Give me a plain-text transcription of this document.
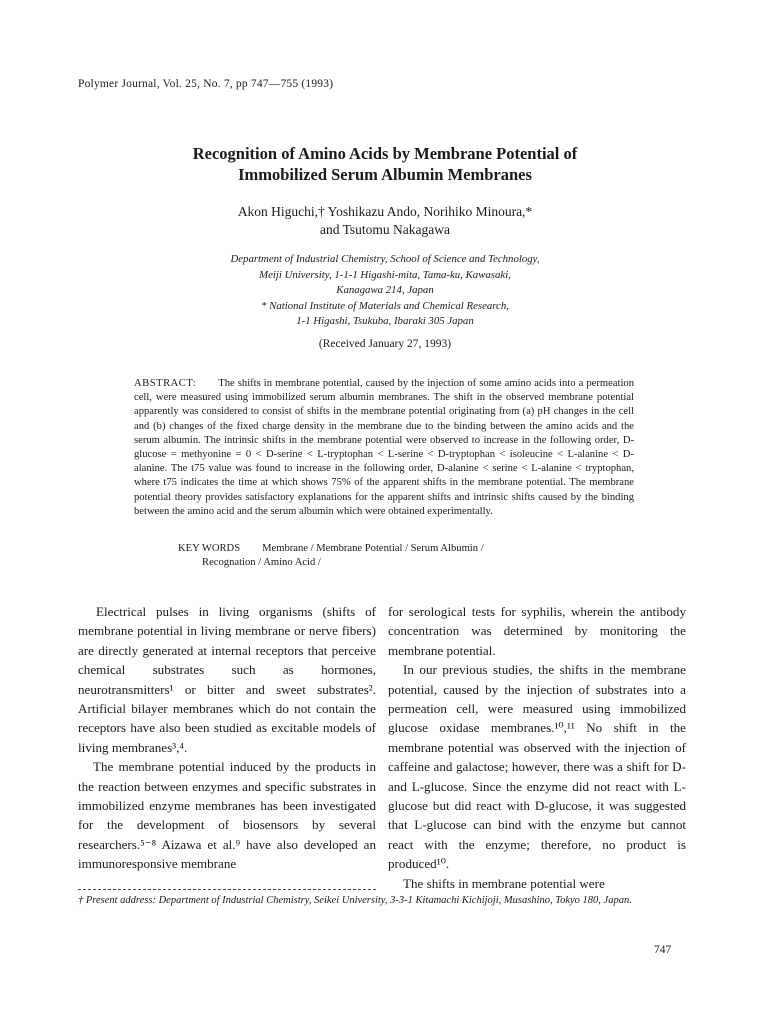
Polymer Journal, Vol. 25, No. 7, pp 747—755 (1993)
Recognition of Amino Acids by Membrane Potential of
Immobilized Serum Albumin Membranes
Akon Higuchi,† Yoshikazu Ando, Norihiko Minoura,*
and Tsutomu Nakagawa
Department of Industrial Chemistry, School of Science and Technology,
Meiji University, 1-1-1 Higashi-mita, Tama-ku, Kawasaki,
Kanagawa 214, Japan
* National Institute of Materials and Chemical Research,
1-1 Higashi, Tsukuba, Ibaraki 305 Japan
(Received January 27, 1993)
ABSTRACT: The shifts in membrane potential, caused by the injection of some amino acids into a permeation cell, were measured using immobilized serum albumin membranes. The shift in the observed membrane potential apparently was considered to consist of shifts in the membrane potential originating from (a) pH changes in the cell and (b) changes of the fixed charge density in the membrane due to the binding between the amino acids and the serum albumin. The intrinsic shifts in the membrane potential were observed to increase in the following order, D-glucose = methyonine = 0 < D-serine < L-tryptophan < L-serine < D-tryptophan < isoleucine < L-alanine < D-alanine. The t75 value was found to increase in the following order, D-alanine < serine < L-alanine < tryptophan, where t75 indicates the time at which shows 75% of the apparent shifts in the membrane potential. The membrane potential theory provides satisfactory explanations for the apparent shifts and intrinsic shifts caused by the binding between the amino acid and the serum albumin which were obtained experimentally.
KEY WORDS Membrane / Membrane Potential / Serum Albumin /
Recognation / Amino Acid /

Electrical pulses in living organisms (shifts of membrane potential in living membrane or nerve fibers) are directly generated at internal receptors that perceive chemical substrates such as hormones, neurotransmitters¹ or bitter and sweet substrates². Artificial bilayer membranes which do not contain the receptors have also been studied as excitable models of living membranes³,⁴.

The membrane potential induced by the products in the reaction between enzymes and specific substrates in immobilized enzyme membranes has been investigated for the development of biosensors by several researchers.⁵⁻⁸ Aizawa et al.⁹ have also developed an immunoresponsive membrane

for serological tests for syphilis, wherein the antibody concentration was determined by monitoring the membrane potential.

In our previous studies, the shifts in the membrane potential, caused by the injection of substrates into a permeation cell, were measured using immobilized glucose oxidase membranes.¹⁰,¹¹ No shift in the membrane potential was observed with the injection of caffeine and galactose; however, there was a shift for D- and L-glucose. Since the enzyme did not react with L-glucose but did react with D-glucose, it was suggested that L-glucose can bind with the enzyme but cannot react with the enzyme; therefore, no product is produced¹⁰.

The shifts in membrane potential were

† Present address: Department of Industrial Chemistry, Seikei University, 3-3-1 Kitamachi Kichijoji, Musashino, Tokyo 180, Japan.
747
